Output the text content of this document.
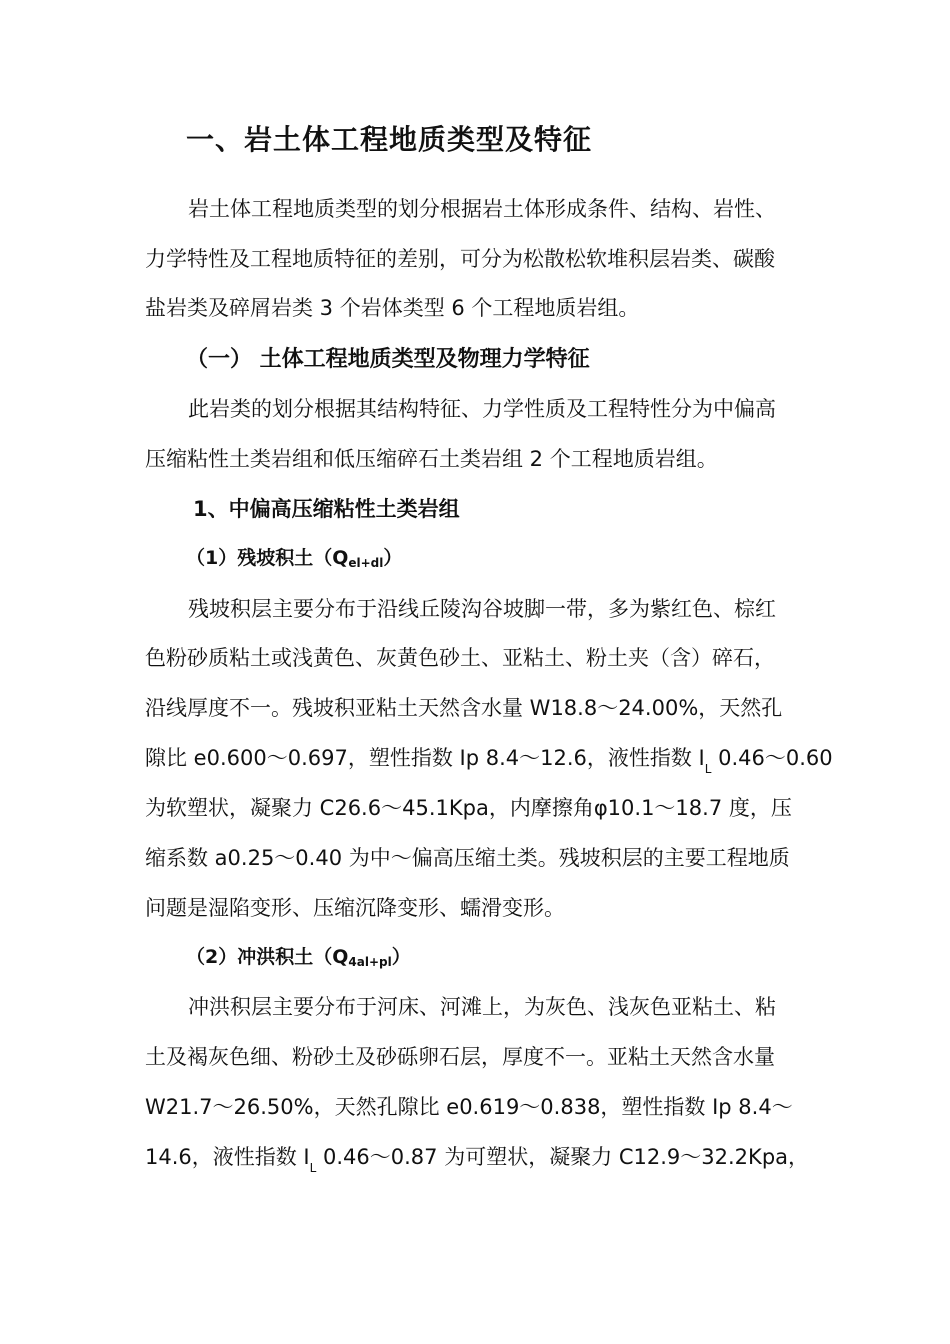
一、岩土体工程地质类型及特征
岩土体工程地质类型的划分根据岩土体形成条件、结构、岩性、
力学特性及工程地质特征的差别，可分为松散松软堆积层岩类、碳酸
盐岩类及碎屑岩类 3 个岩体类型 6 个工程地质岩组。
（一） 土体工程地质类型及物理力学特征
此岩类的划分根据其结构特征、力学性质及工程特性分为中偏高
压缩粘性土类岩组和低压缩碎石土类岩组 2 个工程地质岩组。
1、中偏高压缩粘性土类岩组
（1）残坡积土$(Q_{el+dl})$
残坡积层主要分布于沿线丘陵沟谷坡脚一带，多为紫红色、棕红
色粉砂质粘土或浅黄色、灰黄色砂土、亚粘土、粉土夹（含）碎石，
沿线厚度不一。残坡积亚粘土天然含水量 W18.8～24.00%，天然孔
隙比 e0.600～0.697，塑性指数 Ip 8.4～12.6，液性指数 $I_L$ 0.46～0.60
为软塑状，凝聚力 C26.6～45.1Kpa，内摩擦角φ10.1～18.7 度，压
缩系数 a0.25～0.40 为中～偏高压缩土类。残坡积层的主要工程地质
问题是湿陷变形、压缩沉降变形、蠕滑变形。
（2）冲洪积土$(Q_{4al+pl})$
冲洪积层主要分布于河床、河滩上，为灰色、浅灰色亚粘土、粘
土及褐灰色细、粉砂土及砂砾卵石层，厚度不一。亚粘土天然含水量
W21.7～26.50%，天然孔隙比 e0.619～0.838，塑性指数 Ip 8.4～
14.6，液性指数 $I_L$ 0.46～0.87 为可塑状，凝聚力 C12.9～32.2Kpa，
